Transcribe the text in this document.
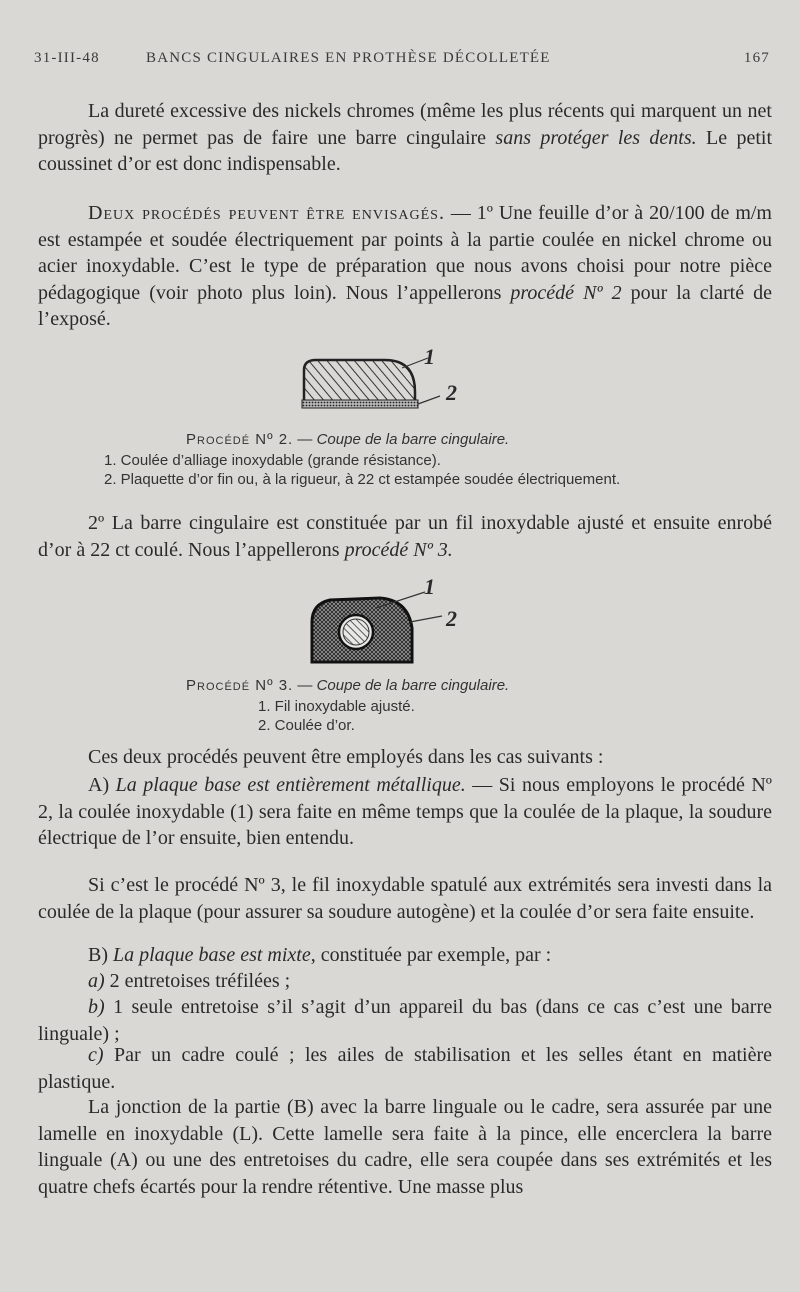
31-III-48	BANCS CINGULAIRES EN PROTHÈSE DÉCOLLETÉE	167

La dureté excessive des nickels chromes (même les plus récents qui marquent un net progrès) ne permet pas de faire une barre cingulaire sans protéger les dents. Le petit coussinet d’or est donc indispensable.

Deux procédés peuvent être envisagés. — 1º Une feuille d’or à 20/100 de m/m est estampée et soudée électriquement par points à la partie coulée en nickel chrome ou acier inoxydable. C’est le type de préparation que nous avons choisi pour notre pièce pédagogique (voir photo plus loin). Nous l’appellerons procédé Nº 2 pour la clarté de l’exposé.

1
2
Procédé Nº 2. — Coupe de la barre cingulaire.
1. Coulée d’alliage inoxydable (grande résistance).
2. Plaquette d’or fin ou, à la rigueur, à 22 ct estampée soudée électriquement.

2º La barre cingulaire est constituée par un fil inoxydable ajusté et ensuite enrobé d’or à 22 ct coulé. Nous l’appellerons procédé Nº 3.

1
2
Procédé Nº 3. — Coupe de la barre cingulaire.
1. Fil inoxydable ajusté.
2. Coulée d’or.

Ces deux procédés peuvent être employés dans les cas suivants :

A) La plaque base est entièrement métallique. — Si nous employons le procédé Nº 2, la coulée inoxydable (1) sera faite en même temps que la coulée de la plaque, la soudure électrique de l’or ensuite, bien entendu.

Si c’est le procédé Nº 3, le fil inoxydable spatulé aux extrémités sera investi dans la coulée de la plaque (pour assurer sa soudure autogène) et la coulée d’or sera faite ensuite.

B) La plaque base est mixte, constituée par exemple, par :

a) 2 entretoises tréfilées ;

b) 1 seule entretoise s’il s’agit d’un appareil du bas (dans ce cas c’est une barre linguale) ;

c) Par un cadre coulé ; les ailes de stabilisation et les selles étant en matière plastique.

La jonction de la partie (B) avec la barre linguale ou le cadre, sera assurée par une lamelle en inoxydable (L). Cette lamelle sera faite à la pince, elle encerclera la barre linguale (A) ou une des entretoises du cadre, elle sera coupée dans ses extrémités et les quatre chefs écartés pour la rendre rétentive. Une masse plus
